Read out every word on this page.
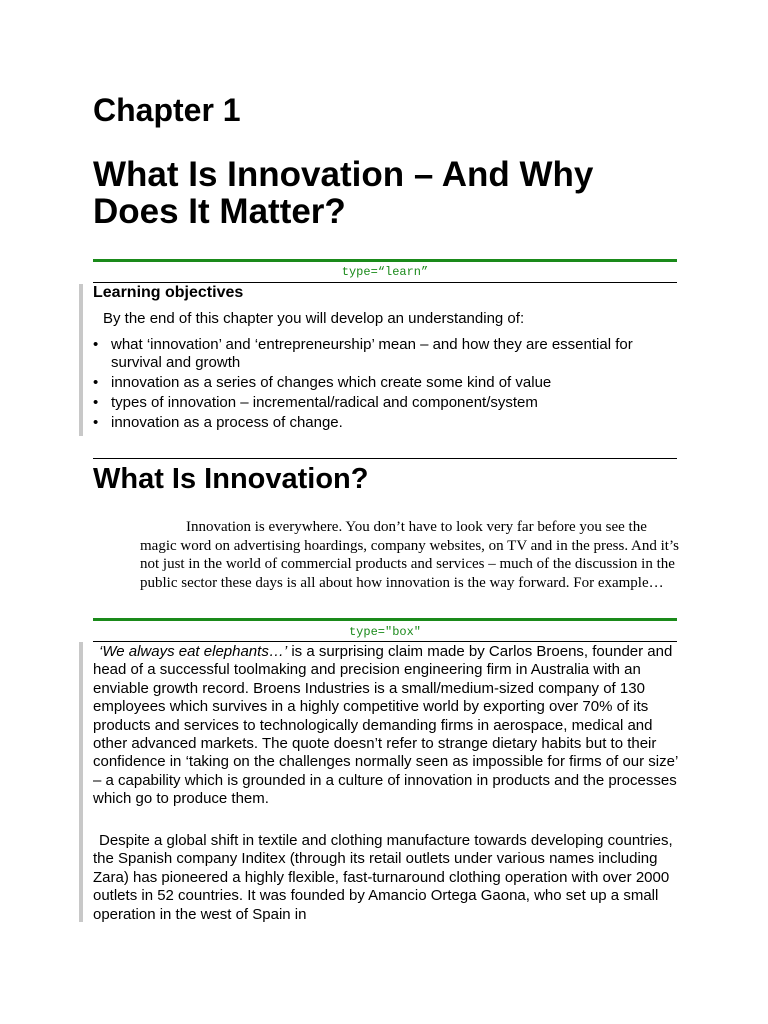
Chapter 1
What Is Innovation – And Why Does It Matter?
type=“learn”
Learning objectives

By the end of this chapter you will develop an understanding of:

• what ‘innovation’ and ‘entrepreneurship’ mean – and how they are essential for survival and growth
• innovation as a series of changes which create some kind of value
• types of innovation – incremental/radical and component/system
• innovation as a process of change.
What Is Innovation?

Innovation is everywhere. You don’t have to look very far before you see the magic word on advertising hoardings, company websites, on TV and in the press. And it’s not just in the world of commercial products and services – much of the discussion in the public sector these days is all about how innovation is the way forward. For example…

type="box"

‘We always eat elephants…’ is a surprising claim made by Carlos Broens, founder and head of a successful toolmaking and precision engineering firm in Australia with an enviable growth record. Broens Industries is a small/medium-sized company of 130 employees which survives in a highly competitive world by exporting over 70% of its products and services to technologically demanding firms in aerospace, medical and other advanced markets. The quote doesn’t refer to strange dietary habits but to their confidence in ‘taking on the challenges normally seen as impossible for firms of our size’ – a capability which is grounded in a culture of innovation in products and the processes which go to produce them.

Despite a global shift in textile and clothing manufacture towards developing countries, the Spanish company Inditex (through its retail outlets under various names including Zara) has pioneered a highly flexible, fast-turnaround clothing operation with over 2000 outlets in 52 countries. It was founded by Amancio Ortega Gaona, who set up a small operation in the west of Spain in
